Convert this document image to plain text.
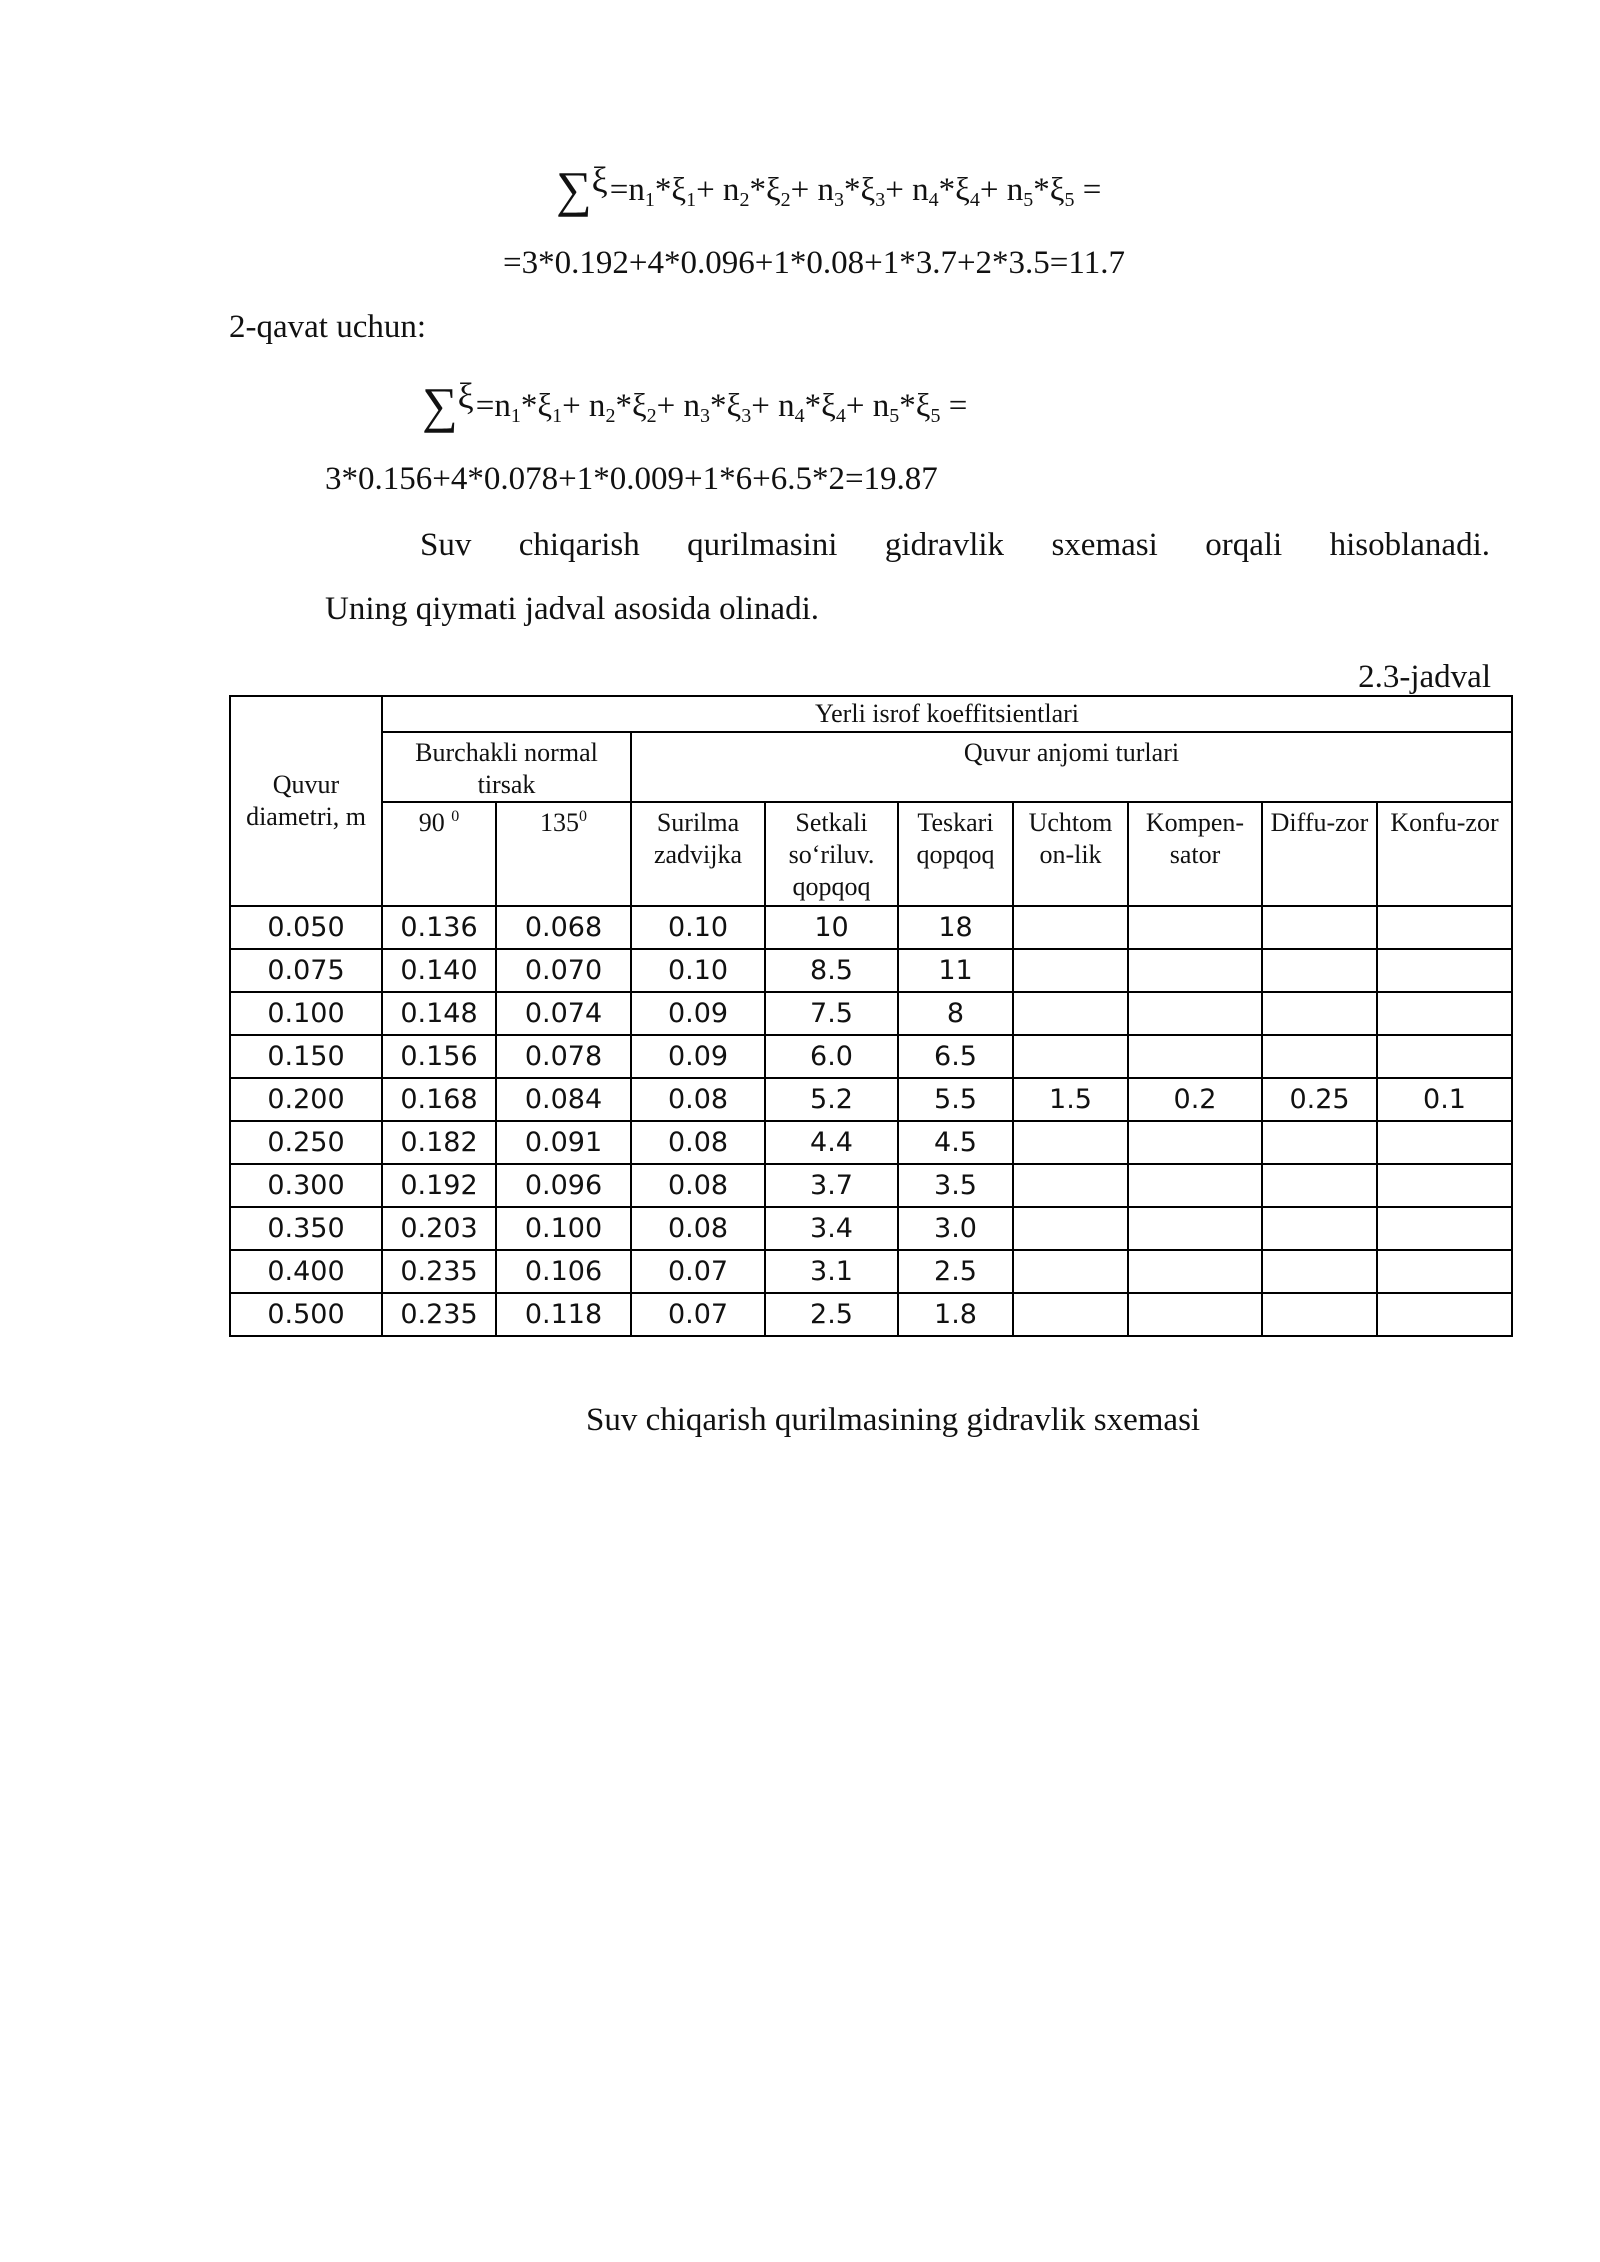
$\sum\xi=n_1*\xi_1+ n_2*\xi_2+ n_3*\xi_3+ n_4*\xi_4+ n_5*\xi_5$ =
=3*0.192+4*0.096+1*0.08+1*3.7+2*3.5=11.7
2-qavat uchun:
$\sum\xi=n_1*\xi_1+ n_2*\xi_2+ n_3*\xi_3+ n_4*\xi_4+ n_5*\xi_5$ =
3*0.156+4*0.078+1*0.009+1*6+6.5*2=19.87
Suv chiqarish qurilmasini gidravlik sxemasi orqali hisoblanadi.
Uning qiymati jadval asosida olinadi.
2.3-jadval
Quvur diametri, m	Yerli isrof koeffitsientlari								
	Burchakli normal tirsak		Quvur anjomi turlari						
	90 $^0$	$135^0$	Surilma zadvijka	Setkali so‘riluv. qopqoq	Teskari qopqoq	Uchtom on-lik	Kompen-sator	Diffu-zor	Konfu-zor
0.050	0.136	0.068	0.10	10	18				
0.075	0.140	0.070	0.10	8.5	11				
0.100	0.148	0.074	0.09	7.5	8				
0.150	0.156	0.078	0.09	6.0	6.5				
0.200	0.168	0.084	0.08	5.2	5.5	1.5	0.2	0.25	0.1
0.250	0.182	0.091	0.08	4.4	4.5				
0.300	0.192	0.096	0.08	3.7	3.5				
0.350	0.203	0.100	0.08	3.4	3.0				
0.400	0.235	0.106	0.07	3.1	2.5				
0.500	0.235	0.118	0.07	2.5	1.8				
Suv chiqarish qurilmasining gidravlik sxemasi
